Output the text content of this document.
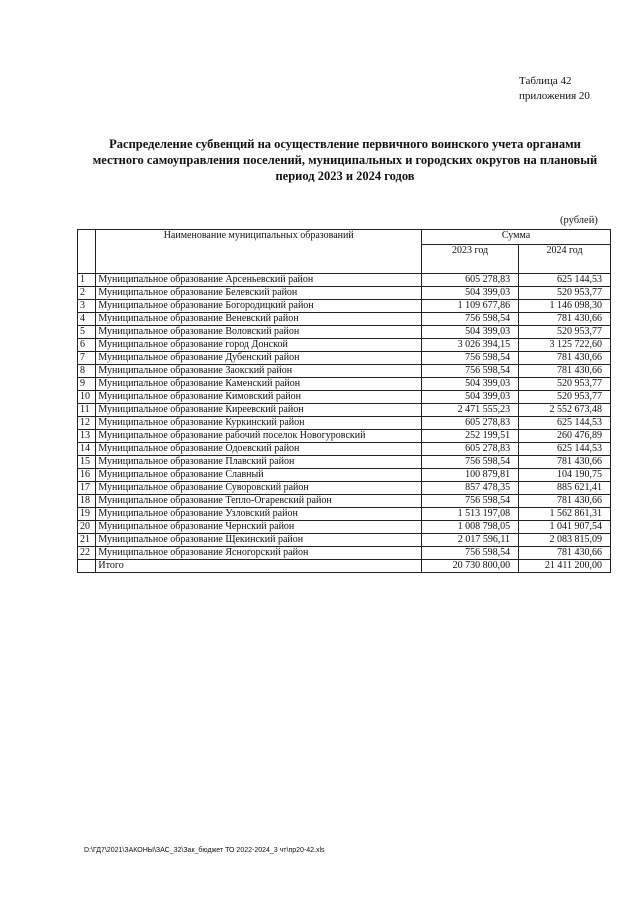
Таблица 42
приложения 20
Распределение субвенций на осуществление первичного воинского учета органами
местного самоуправления поселений, муниципальных и городских округов на плановый
период 2023 и 2024 годов
(рублей)
	Наименование муниципальных образований	Сумма	
		2023 год	2024 год
1	Муниципальное образование Арсеньевский район	605 278,83	625 144,53
2	Муниципальное образование Белевский район	504 399,03	520 953,77
3	Муниципальное образование Богородицкий район	1 109 677,86	1 146 098,30
4	Муниципальное образование Веневский район	756 598,54	781 430,66
5	Муниципальное образование Воловский район	504 399,03	520 953,77
6	Муниципальное образование город Донской	3 026 394,15	3 125 722,60
7	Муниципальное образование Дубенский район	756 598,54	781 430,66
8	Муниципальное образование Заокский район	756 598,54	781 430,66
9	Муниципальное образование Каменский район	504 399,03	520 953,77
10	Муниципальное образование Кимовский район	504 399,03	520 953,77
11	Муниципальное образование Киреевский район	2 471 555,23	2 552 673,48
12	Муниципальное образование Куркинский район	605 278,83	625 144,53
13	Муниципальное образование рабочий поселок Новогуровский	252 199,51	260 476,89
14	Муниципальное образование Одоевский район	605 278,83	625 144,53
15	Муниципальное образование Плавский район	756 598,54	781 430,66
16	Муниципальное образование Славный	100 879,81	104 190,75
17	Муниципальное образование Суворовский район	857 478,35	885 621,41
18	Муниципальное образование Тепло-Огаревский район	756 598,54	781 430,66
19	Муниципальное образование Узловский район	1 513 197,08	1 562 861,31
20	Муниципальное образование Чернский район	1 008 798,05	1 041 907,54
21	Муниципальное образование Щекинский район	2 017 596,11	2 083 815,09
22	Муниципальное образование Ясногорский район	756 598,54	781 430,66
	Итого	20 730 800,00	21 411 200,00
D:\ГД7\2021\ЗАКОНЫ\ЗАС_32\Зак_бюджет ТО 2022-2024_3 чт\пр20-42.xls
